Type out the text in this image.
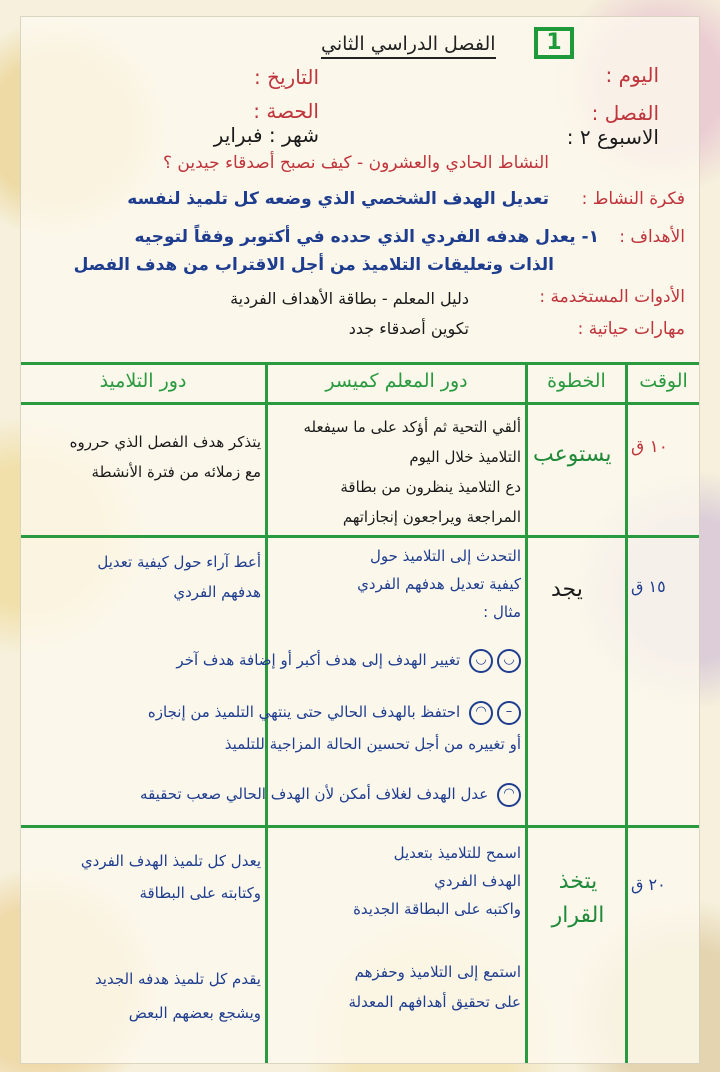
1
الفصل الدراسي الثاني
اليوم :
التاريخ :
الفصل :
الحصة :
الاسبوع ٢ :
شهر : فبراير
النشاط الحادي والعشرون - كيف نصبح أصدقاء جيدين ؟
فكرة النشاط :
تعديل الهدف الشخصي الذي وضعه كل تلميذ لنفسه
الأهداف :
١- يعدل هدفه الفردي الذي حدده في أكتوبر وفقاً لتوجيه
الذات وتعليقات التلاميذ من أجل الاقتراب من هدف الفصل
الأدوات المستخدمة :
دليل المعلم - بطاقة الأهداف الفردية
مهارات حياتية :
تكوين أصدقاء جدد
الوقت
الخطوة
دور المعلم كميسر
دور التلاميذ
١٠ ق
يستوعب
ألقي التحية ثم أؤكد على ما سيفعله
التلاميذ خلال اليوم
دع التلاميذ ينظرون من بطاقة
المراجعة ويراجعون إنجازاتهم
يتذكر هدف الفصل الذي حرروه
مع زملائه من فترة الأنشطة
١٥ ق
يجد
التحدث إلى التلاميذ حول
كيفية تعديل هدفهم الفردي
مثال :
أعط آراء حول كيفية تعديل
هدفهم الفردي
◡◡ تغيير الهدف إلى هدف أكبر أو إضافة هدف آخر
–◠ احتفظ بالهدف الحالي حتى ينتهي التلميذ من إنجازه
أو تغييره من أجل تحسين الحالة المزاجية للتلميذ
◠ عدل الهدف لغلاف أمكن لأن الهدف الحالي صعب تحقيقه
٢٠ ق
يتخذ القرار
اسمح للتلاميذ بتعديل
الهدف الفردي
واكتبه على البطاقة الجديدة
استمع إلى التلاميذ وحفزهم
على تحقيق أهدافهم المعدلة
يعدل كل تلميذ الهدف الفردي
وكتابته على البطاقة
يقدم كل تلميذ هدفه الجديد
ويشجع بعضهم البعض
